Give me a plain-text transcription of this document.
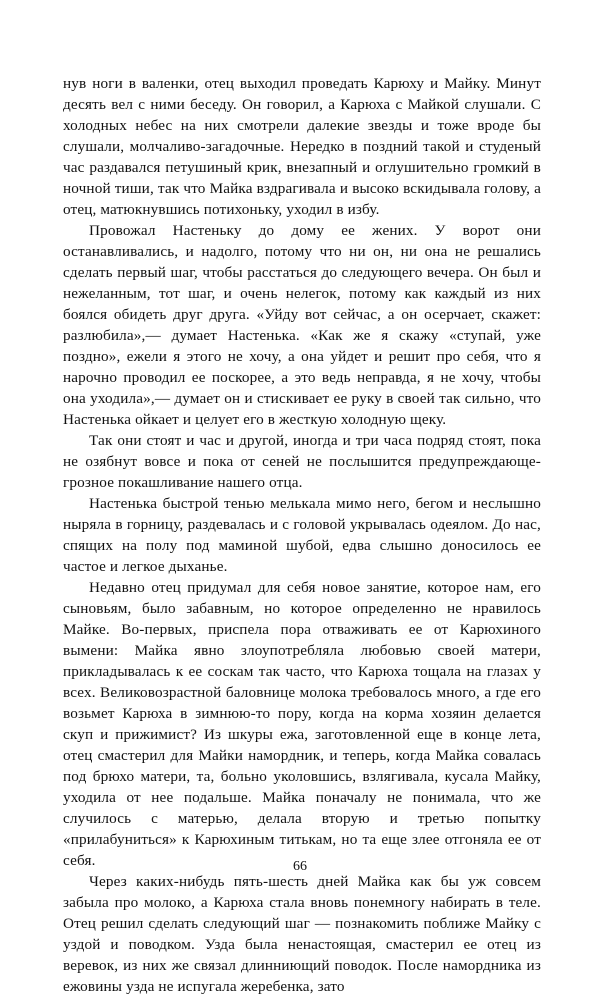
нув ноги в валенки, отец выходил проведать Карюху и Майку. Минут десять вел с ними беседу. Он говорил, а Карюха с Майкой слушали. С холодных небес на них смотрели далекие звезды и тоже вроде бы слушали, молчаливо-загадочные. Нередко в поздний такой и студеный час раздавался петушиный крик, внезапный и оглушительно громкий в ночной тиши, так что Майка вздрагивала и высоко вскидывала голову, а отец, матюкнувшись потихоньку, уходил в избу.

Провожал Настеньку до дому ее жених. У ворот они останавливались, и надолго, потому что ни он, ни она не решались сделать первый шаг, чтобы расстаться до следующего вечера. Он был и нежеланным, тот шаг, и очень нелегок, потому как каждый из них боялся обидеть друг друга. «Уйду вот сейчас, а он осерчает, скажет: разлюбила»,— думает Настенька. «Как же я скажу «ступай, уже поздно», ежели я этого не хочу, а она уйдет и решит про себя, что я нарочно проводил ее поскорее, а это ведь неправда, я не хочу, чтобы она уходила»,— думает он и стискивает ее руку в своей так сильно, что Настенька ойкает и целует его в жесткую холодную щеку.

Так они стоят и час и другой, иногда и три часа подряд стоят, пока не озябнут вовсе и пока от сеней не послышится предупреждающе-грозное покашливание нашего отца.

Настенька быстрой тенью мелькала мимо него, бегом и неслышно ныряла в горницу, раздевалась и с головой укрывалась одеялом. До нас, спящих на полу под маминой шубой, едва слышно доносилось ее частое и легкое дыханье.

Недавно отец придумал для себя новое занятие, которое нам, его сыновьям, было забавным, но которое определенно не нравилось Майке. Во-первых, приспела пора отваживать ее от Карюхиного вымени: Майка явно злоупотребляла любовью своей матери, прикладывалась к ее соскам так часто, что Карюха тощала на глазах у всех. Великовозрастной баловнице молока требовалось много, а где его возьмет Карюха в зимнюю-то пору, когда на корма хозяин делается скуп и прижимист? Из шкуры ежа, заготовленной еще в конце лета, отец смастерил для Майки намордник, и теперь, когда Майка совалась под брюхо матери, та, больно уколовшись, взлягивала, кусала Майку, уходила от нее подальше. Майка поначалу не понимала, что же случилось с матерью, делала вторую и третью попытку «прилабуниться» к Карюхиным титькам, но та еще злее отгоняла ее от себя.

Через каких-нибудь пять-шесть дней Майка как бы уж совсем забыла про молоко, а Карюха стала вновь понемногу набирать в теле. Отец решил сделать следующий шаг — познакомить поближе Майку с уздой и поводком. Узда была ненастоящая, смастерил ее отец из веревок, из них же связал длинниющий поводок. После намордника из ежовины узда не испугала жеребенка, зато

66
